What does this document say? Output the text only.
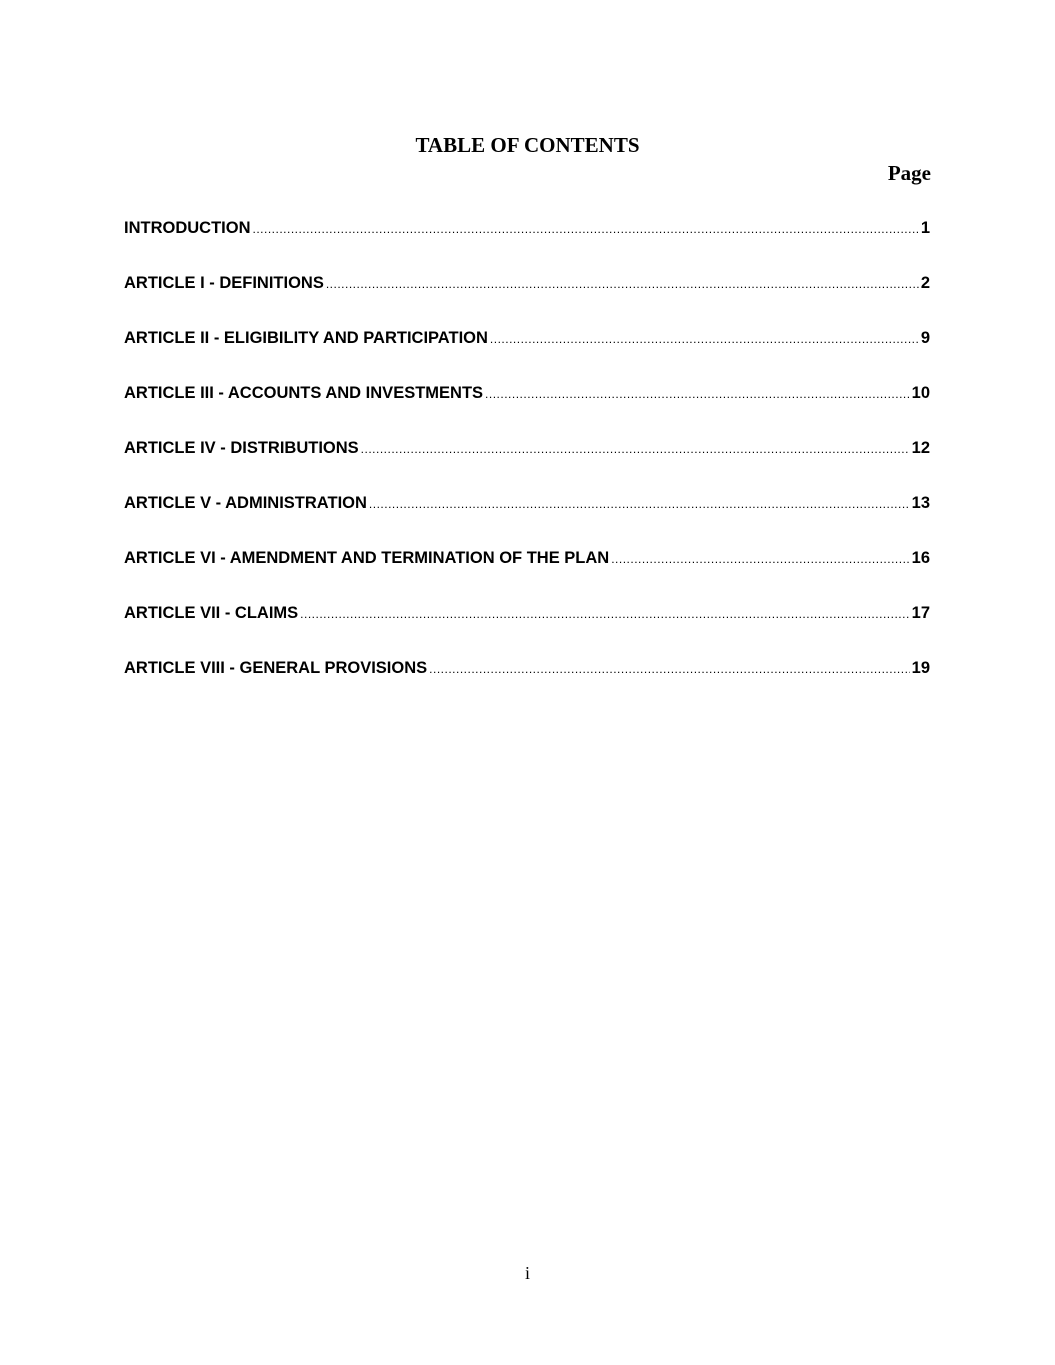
TABLE OF CONTENTS
Page
INTRODUCTION .....	1
ARTICLE I - DEFINITIONS .....	2
ARTICLE II - ELIGIBILITY AND PARTICIPATION .....	9
ARTICLE III - ACCOUNTS AND INVESTMENTS .....	10
ARTICLE IV - DISTRIBUTIONS .....	12
ARTICLE V - ADMINISTRATION .....	13
ARTICLE VI - AMENDMENT AND TERMINATION OF THE PLAN .....	16
ARTICLE VII - CLAIMS .....	17
ARTICLE VIII - GENERAL PROVISIONS .....	19
i
